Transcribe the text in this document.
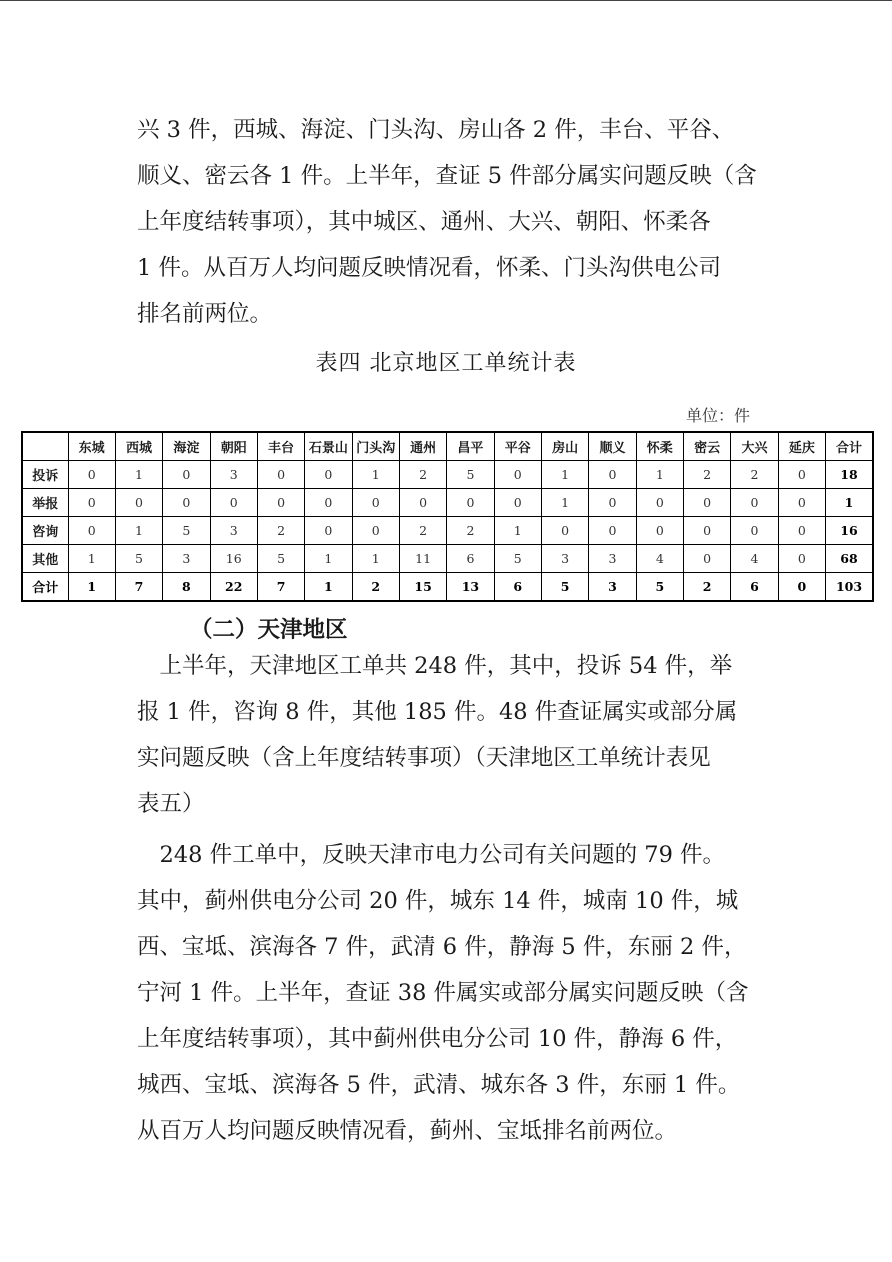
兴 3 件，西城、海淀、门头沟、房山各 2 件，丰台、平谷、
顺义、密云各 1 件。上半年，查证 5 件部分属实问题反映（含
上年度结转事项），其中城区、通州、大兴、朝阳、怀柔各
1 件。从百万人均问题反映情况看，怀柔、门头沟供电公司
排名前两位。

表四 北京地区工单统计表
单位：件
	东城	西城	海淀	朝阳	丰台	石景山	门头沟	通州	昌平	平谷	房山	顺义	怀柔	密云	大兴	延庆	合计
投诉	0	1	0	3	0	0	1	2	5	0	1	0	1	2	2	0	18
举报	0	0	0	0	0	0	0	0	0	0	1	0	0	0	0	0	1
咨询	0	1	5	3	2	0	0	2	2	1	0	0	0	0	0	0	16
其他	1	5	3	16	5	1	1	11	6	5	3	3	4	0	4	0	68
合计	1	7	8	22	7	1	2	15	13	6	5	3	5	2	6	0	103
（二）天津地区

　上半年，天津地区工单共 248 件，其中，投诉 54 件，举
报 1 件，咨询 8 件，其他 185 件。48 件查证属实或部分属
实问题反映（含上年度结转事项）（天津地区工单统计表见
表五）

　248 件工单中，反映天津市电力公司有关问题的 79 件。
其中，蓟州供电分公司 20 件，城东 14 件，城南 10 件，城
西、宝坻、滨海各 7 件，武清 6 件，静海 5 件，东丽 2 件，
宁河 1 件。上半年，查证 38 件属实或部分属实问题反映（含
上年度结转事项），其中蓟州供电分公司 10 件，静海 6 件，
城西、宝坻、滨海各 5 件，武清、城东各 3 件，东丽 1 件。
从百万人均问题反映情况看，蓟州、宝坻排名前两位。
